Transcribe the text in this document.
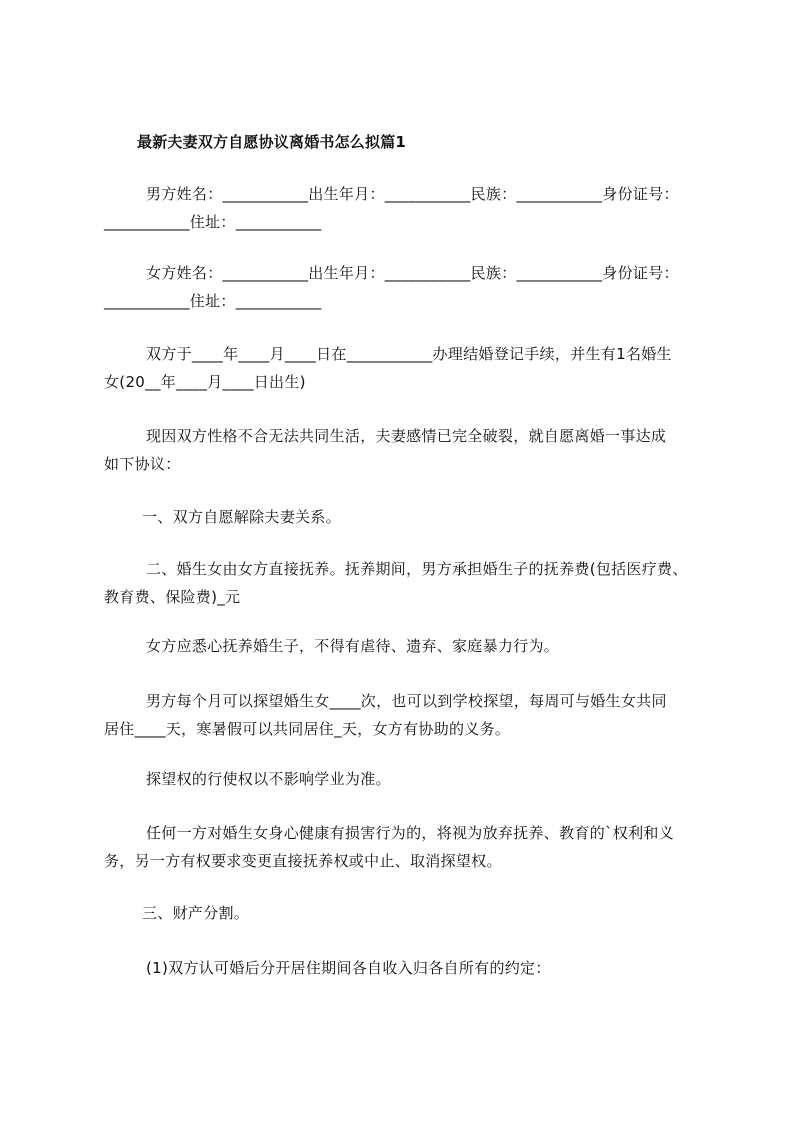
最新夫妻双方自愿协议离婚书怎么拟篇1
男方姓名：___________出生年月：___________民族：___________身份证号：
___________住址：___________
女方姓名：___________出生年月：___________民族：___________身份证号：
___________住址：___________
双方于____年____月____日在___________办理结婚登记手续，并生有1名婚生
女(20__年____月____日出生)
现因双方性格不合无法共同生活，夫妻感情已完全破裂，就自愿离婚一事达成
如下协议：
一、双方自愿解除夫妻关系。
二、婚生女由女方直接抚养。抚养期间，男方承担婚生子的抚养费(包括医疗费、
教育费、保险费)_元
女方应悉心抚养婚生子，不得有虐待、遗弃、家庭暴力行为。
男方每个月可以探望婚生女____次，也可以到学校探望，每周可与婚生女共同
居住____天，寒暑假可以共同居住_天，女方有协助的义务。
探望权的行使权以不影响学业为准。
任何一方对婚生女身心健康有损害行为的，将视为放弃抚养、教育的`权利和义
务，另一方有权要求变更直接抚养权或中止、取消探望权。
三、财产分割。
(1)双方认可婚后分开居住期间各自收入归各自所有的约定：
